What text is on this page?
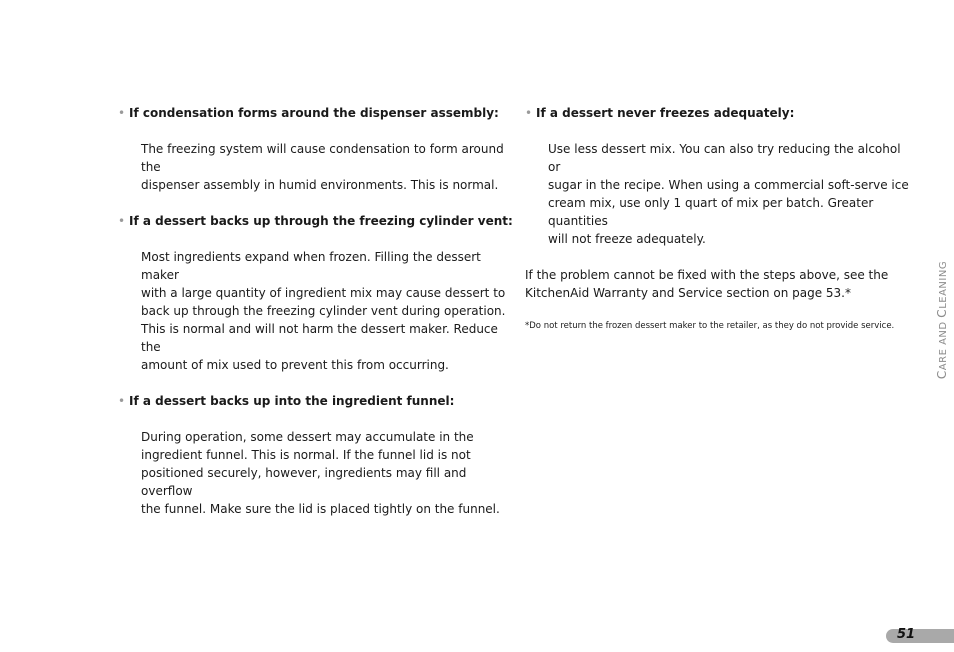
• If condensation forms around the dispenser assembly:

The freezing system will cause condensation to form around the
dispenser assembly in humid environments. This is normal.

• If a dessert backs up through the freezing cylinder vent:

Most ingredients expand when frozen. Filling the dessert maker
with a large quantity of ingredient mix may cause dessert to
back up through the freezing cylinder vent during operation.
This is normal and will not harm the dessert maker. Reduce the
amount of mix used to prevent this from occurring.

• If a dessert backs up into the ingredient funnel:

During operation, some dessert may accumulate in the
ingredient funnel. This is normal. If the funnel lid is not
positioned securely, however, ingredients may fill and overflow
the funnel. Make sure the lid is placed tightly on the funnel.

• If a dessert never freezes adequately:

Use less dessert mix. You can also try reducing the alcohol or
sugar in the recipe. When using a commercial soft-serve ice
cream mix, use only 1 quart of mix per batch. Greater quantities
will not freeze adequately.

If the problem cannot be fixed with the steps above, see the
KitchenAid Warranty and Service section on page 53.*

*Do not return the frozen dessert maker to the retailer, as they do not provide service.

CARE AND CLEANING
51
